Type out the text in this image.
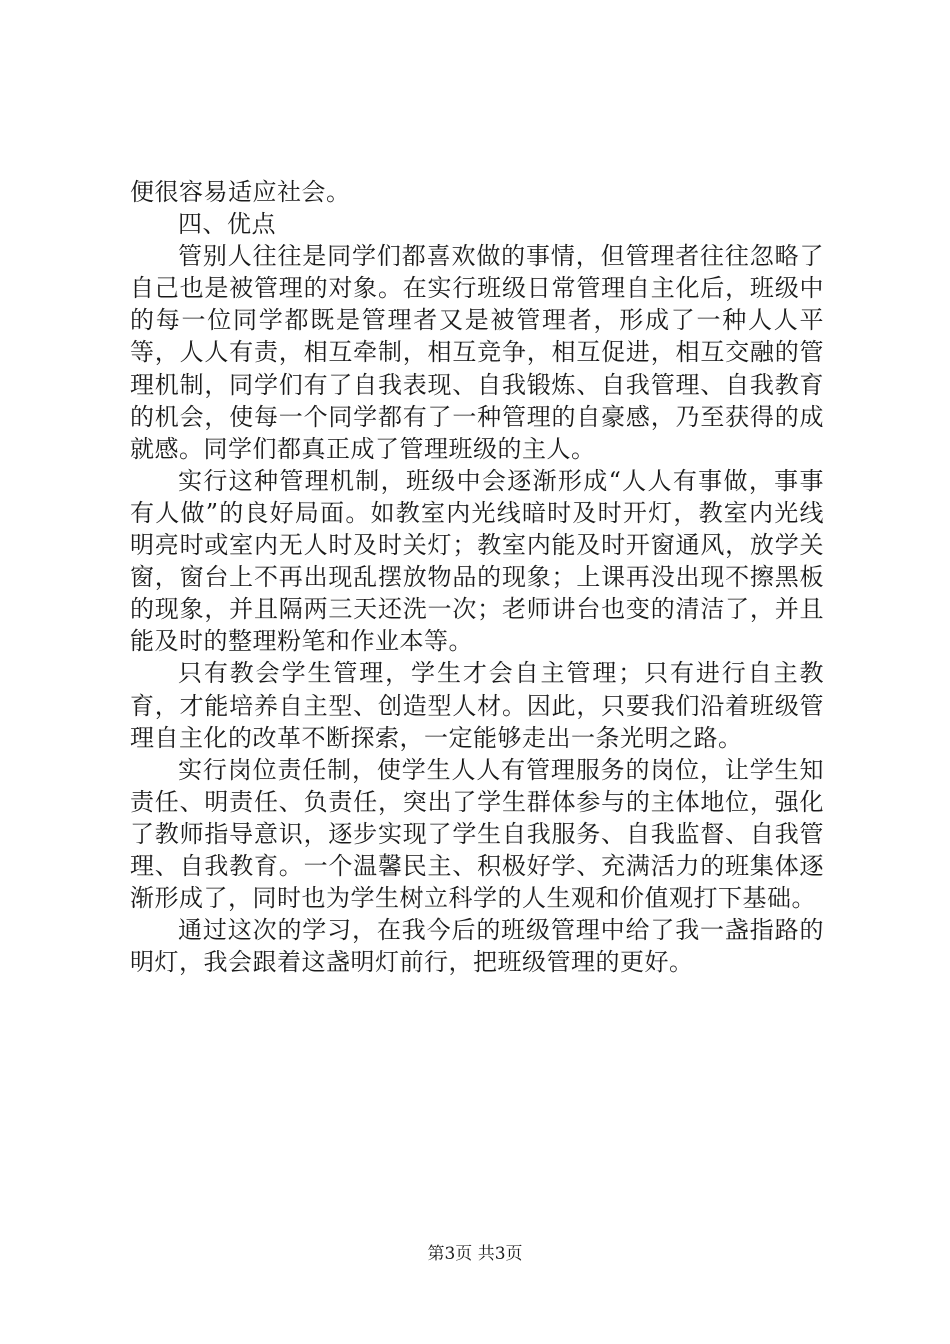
便很容易适应社会。

四、优点

管别人往往是同学们都喜欢做的事情，但管理者往往忽略了自己也是被管理的对象。在实行班级日常管理自主化后，班级中的每一位同学都既是管理者又是被管理者，形成了一种人人平等，人人有责，相互牵制，相互竞争，相互促进，相互交融的管理机制，同学们有了自我表现、自我锻炼、自我管理、自我教育的机会，使每一个同学都有了一种管理的自豪感，乃至获得的成就感。同学们都真正成了管理班级的主人。

实行这种管理机制，班级中会逐渐形成“人人有事做，事事有人做”的良好局面。如教室内光线暗时及时开灯，教室内光线明亮时或室内无人时及时关灯；教室内能及时开窗通风，放学关窗，窗台上不再出现乱摆放物品的现象；上课再没出现不擦黑板的现象，并且隔两三天还洗一次；老师讲台也变的清洁了，并且能及时的整理粉笔和作业本等。

只有教会学生管理，学生才会自主管理；只有进行自主教育，才能培养自主型、创造型人材。因此，只要我们沿着班级管理自主化的改革不断探索，一定能够走出一条光明之路。

实行岗位责任制，使学生人人有管理服务的岗位，让学生知责任、明责任、负责任，突出了学生群体参与的主体地位，强化了教师指导意识，逐步实现了学生自我服务、自我监督、自我管理、自我教育。一个温馨民主、积极好学、充满活力的班集体逐渐形成了，同时也为学生树立科学的人生观和价值观打下基础。

通过这次的学习，在我今后的班级管理中给了我一盏指路的明灯，我会跟着这盏明灯前行，把班级管理的更好。

第3页 共3页
